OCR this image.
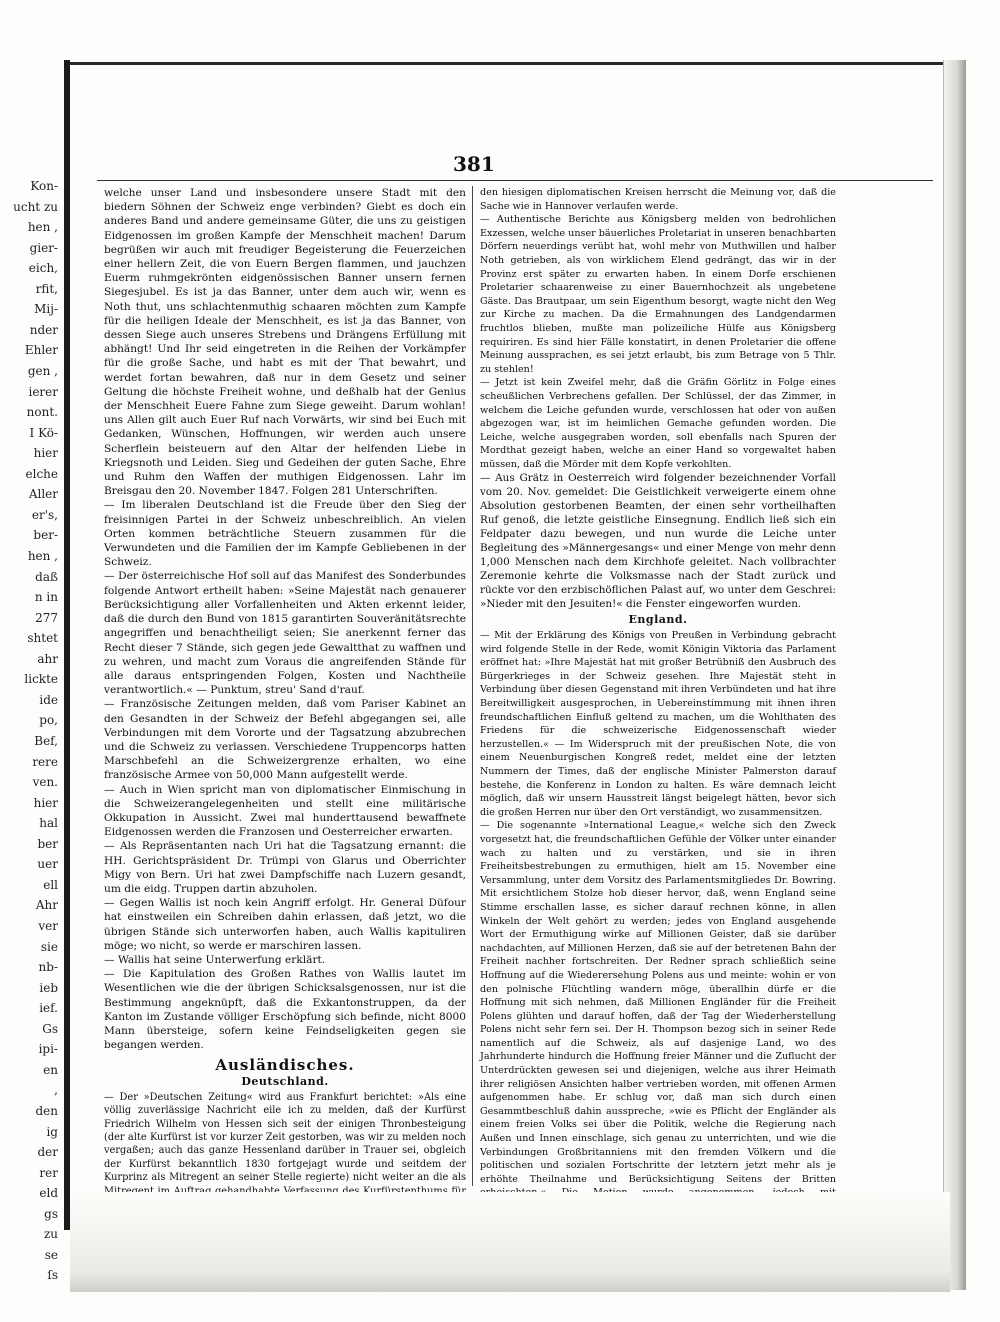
Kon-
ucht zu
hen ,
gier-
eich,
rfit,
Mij-
nder
Ehler
gen ,
ierer
nont.
I Kö-
hier
elche
Aller
er's,
ber-
hen ,
daß
n in
277
shtet
ahr
lickte
ide
po,
Bef,
rere
ven.
hier
hal
ber
uer
ell
Ahr
ver
sie
nb-
ieb
ief.
Gs
ipi-
en
,
den
ig
der
rer
eld
gs
zu
se
ſs
381

welche unser Land und insbesondere unsere Stadt mit den biedern Söhnen der Schweiz enge verbinden? Giebt es doch ein anderes Band und andere gemeinsame Güter, die uns zu geistigen Eidgenossen im großen Kampfe der Menschheit machen! Darum begrüßen wir auch mit freudiger Begeisterung die Feuerzeichen einer hellern Zeit, die von Euern Bergen flammen, und jauchzen Euerm ruhmgekrönten eidgenössischen Banner unsern fernen Siegesjubel. Es ist ja das Banner, unter dem auch wir, wenn es Noth thut, uns schlachtenmuthig schaaren möchten zum Kampfe für die heiligen Ideale der Menschheit, es ist ja das Banner, von dessen Siege auch unseres Strebens und Drängens Erfüllung mit abhängt! Und Ihr seid eingetreten in die Reihen der Vorkämpfer für die große Sache, und habt es mit der That bewahrt, und werdet fortan bewahren, daß nur in dem Gesetz und seiner Geltung die höchste Freiheit wohne, und deßhalb hat der Genius der Menschheit Euere Fahne zum Siege geweiht. Darum wohlan! uns Allen gilt auch Euer Ruf nach Vorwärts, wir sind bei Euch mit Gedanken, Wünschen, Hoffnungen, wir werden auch unsere Scherflein beisteuern auf den Altar der helfenden Liebe in Kriegsnoth und Leiden. Sieg und Gedeihen der guten Sache, Ehre und Ruhm den Waffen der muthigen Eidgenossen. Lahr im Breisgau den 20. November 1847. Folgen 281 Unterschriften.

— Im liberalen Deutschland ist die Freude über den Sieg der freisinnigen Partei in der Schweiz unbeschreiblich. An vielen Orten kommen beträchtliche Steuern zusammen für die Verwundeten und die Familien der im Kampfe Gebliebenen in der Schweiz.

— Der österreichische Hof soll auf das Manifest des Sonderbundes folgende Antwort ertheilt haben: »Seine Majestät nach genauerer Berücksichtigung aller Vorfallenheiten und Akten erkennt leider, daß die durch den Bund von 1815 garantirten Souveränitätsrechte angegriffen und benachtheiligt seien; Sie anerkennt ferner das Recht dieser 7 Stände, sich gegen jede Gewaltthat zu waffnen und zu wehren, und macht zum Voraus die angreifenden Stände für alle daraus entspringenden Folgen, Kosten und Nachtheile verantwortlich.« — Punktum, streu' Sand d'rauf.

— Französische Zeitungen melden, daß vom Pariser Kabinet an den Gesandten in der Schweiz der Befehl abgegangen sei, alle Verbindungen mit dem Vororte und der Tagsatzung abzubrechen und die Schweiz zu verlassen. Verschiedene Truppencorps hatten Marschbefehl an die Schweizergrenze erhalten, wo eine französische Armee von 50,000 Mann aufgestellt werde.

— Auch in Wien spricht man von diplomatischer Einmischung in die Schweizerangelegenheiten und stellt eine militärische Okkupation in Aussicht. Zwei mal hunderttausend bewaffnete Eidgenossen werden die Franzosen und Oesterreicher erwarten.

— Als Repräsentanten nach Uri hat die Tagsatzung ernannt: die HH. Gerichtspräsident Dr. Trümpi von Glarus und Oberrichter Migy von Bern. Uri hat zwei Dampfschiffe nach Luzern gesandt, um die eidg. Truppen dartin abzuholen.

— Gegen Wallis ist noch kein Angriff erfolgt. Hr. General Düfour hat einstweilen ein Schreiben dahin erlassen, daß jetzt, wo die übrigen Stände sich unterworfen haben, auch Wallis kapituliren möge; wo nicht, so werde er marschiren lassen.

— Wallis hat seine Unterwerfung erklärt.

— Die Kapitulation des Großen Rathes von Wallis lautet im Wesentlichen wie die der übrigen Schicksalsgenossen, nur ist die Bestimmung angeknüpft, daß die Exkantonstruppen, da der Kanton im Zustande völliger Erschöpfung sich befinde, nicht 8000 Mann übersteige, sofern keine Feindseligkeiten gegen sie begangen werden.

Ausländisches.
Deutschland.

— Der »Deutschen Zeitung« wird aus Frankfurt berichtet: »Als eine völlig zuverlässige Nachricht eile ich zu melden, daß der Kurfürst Friedrich Wilhelm von Hessen sich seit der einigen Thronbesteigung (der alte Kurfürst ist vor kurzer Zeit gestorben, was wir zu melden noch vergaßen; auch das ganze Hessenland darüber in Trauer sei, obgleich der Kurfürst bekanntlich 1830 fortgejagt wurde und seitdem der Kurprinz als Mitregent an seiner Stelle regierte) nicht weiter an die als

den hiesigen diplomatischen Kreisen herrscht die Meinung vor, daß die Sache wie in Hannover verlaufen werde.

— Authentische Berichte aus Königsberg melden von bedrohlichen Exzessen, welche unser bäuerliches Proletariat in unseren benachbarten Dörfern neuerdings verübt hat, wohl mehr von Muthwillen und halber Noth getrieben, als von wirklichem Elend gedrängt, das wir in der Provinz erst später zu erwarten haben. In einem Dorfe erschienen Proletarier schaarenweise zu einer Bauernhochzeit als ungebetene Gäste. Das Brautpaar, um sein Eigenthum besorgt, wagte nicht den Weg zur Kirche zu machen. Da die Ermahnungen des Landgendarmen fruchtlos blieben, mußte man polizeiliche Hülfe aus Königsberg requiriren. Es sind hier Fälle konstatirt, in denen Proletarier die offene Meinung aussprachen, es sei jetzt erlaubt, bis zum Betrage von 5 Thlr. zu stehlen!

— Jetzt ist kein Zweifel mehr, daß die Gräfin Görlitz in Folge eines scheußlichen Verbrechens gefallen. Der Schlüssel, der das Zimmer, in welchem die Leiche gefunden wurde, verschlossen hat oder von außen abgezogen war, ist im heimlichen Gemache gefunden worden. Die Leiche, welche ausgegraben worden, soll ebenfalls nach Spuren der Mordthat gezeigt haben, welche an einer Hand so vorgewaltet haben müssen, daß die Mörder mit dem Kopfe verkohlten.

— Aus Grätz in Oesterreich wird folgender bezeichnender Vorfall vom 20. Nov. gemeldet: Die Geistlichkeit verweigerte einem ohne Absolution gestorbenen Beamten, der einen sehr vortheilhaften Ruf genoß, die letzte geistliche Einsegnung. Endlich ließ sich ein Feldpater dazu bewegen, und nun wurde die Leiche unter Begleitung des »Männergesangs« und einer Menge von mehr denn 1,000 Menschen nach dem Kirchhofe geleitet. Nach vollbrachter Zeremonie kehrte die Volksmasse nach der Stadt zurück und rückte vor den erzbischöflichen Palast auf, wo unter dem Geschrei: »Nieder mit den Jesuiten!« die Fenster eingeworfen wurden.

England.

— Mit der Erklärung des Königs von Preußen in Verbindung gebracht wird folgende Stelle in der Rede, womit Königin Viktoria das Parlament eröffnet hat: »Ihre Majestät hat mit großer Betrübniß den Ausbruch des Bürgerkrieges in der Schweiz gesehen. Ihre Majestät steht in Verbindung über diesen Gegenstand mit ihren Verbündeten und hat ihre Bereitwilligkeit ausgesprochen, in Uebereinstimmung mit ihnen ihren freundschaftlichen Einfluß geltend zu machen, um die Wohlthaten des Friedens für die schweizerische Eidgenossenschaft wieder herzustellen.« — Im Widerspruch mit der preußischen Note, die von einem Neuenburgischen Kongreß redet, meldet eine der letzten Nummern der Times, daß der englische Minister Palmerston darauf bestehe, die Konferenz in London zu halten. Es wäre demnach leicht möglich, daß wir unsern Hausstreit längst beigelegt hätten, bevor sich die großen Herren nur über den Ort verständigt, wo zusammensitzen.

— Die sogenannte »International League,« welche sich den Zweck vorgesetzt hat, die freundschaftlichen Gefühle der Völker unter einander wach zu halten und zu verstärken, und sie in ihren Freiheitsbestrebungen zu ermuthigen, hielt am 15. November eine Versammlung, unter dem Vorsitz des Parlamentsmitgliedes Dr. Bowring. Mit ersichtlichem Stolze hob dieser hervor, daß, wenn England seine Stimme erschallen lasse, es sicher darauf rechnen könne, in allen Winkeln der Welt gehört zu werden; jedes von England ausgehende Wort der Ermuthigung wirke auf Millionen Geister, daß sie darüber nachdachten, auf Millionen Herzen, daß sie auf der betretenen Bahn der Freiheit nachher fortschreiten. Der Redner sprach schließlich seine Hoffnung auf die Wiederersehung Polens aus und meinte: wohin er von den polnische Flüchtling wandern möge, überallhin dürfe er die Hoffnung mit sich nehmen, daß Millionen Engländer für die Freiheit Polens glühten und darauf hoffen, daß der Tag der Wiederherstellung Polens nicht sehr fern sei. Der H. Thompson bezog sich in seiner Rede namentlich auf die Schweiz, als auf dasjenige Land, wo des Jahrhunderte hindurch die Hoffnung freier Männer und die Zuflucht der Unterdrückten gewesen sei und diejenigen, welche aus ihrer Heimath ihrer religiösen Ansichten halber vertrieben worden, mit offenen Armen aufgenommen habe. Er schlug vor, daß man sich durch einen Gesammtbeschluß dahin ausspreche, »wie es Pflicht der Engländer als einem freien Volks sei über die Politik, welche die Regierung nach Außen und Innen einschlage, sich genau zu unterrichten, und wie die Verbindungen Großbritanniens mit den fremden Völkern und die politischen und sozialen Fortschritte der letztern jetzt mehr als je erhöhte Theilnahme und Berücksichtigung Seitens der Britten
